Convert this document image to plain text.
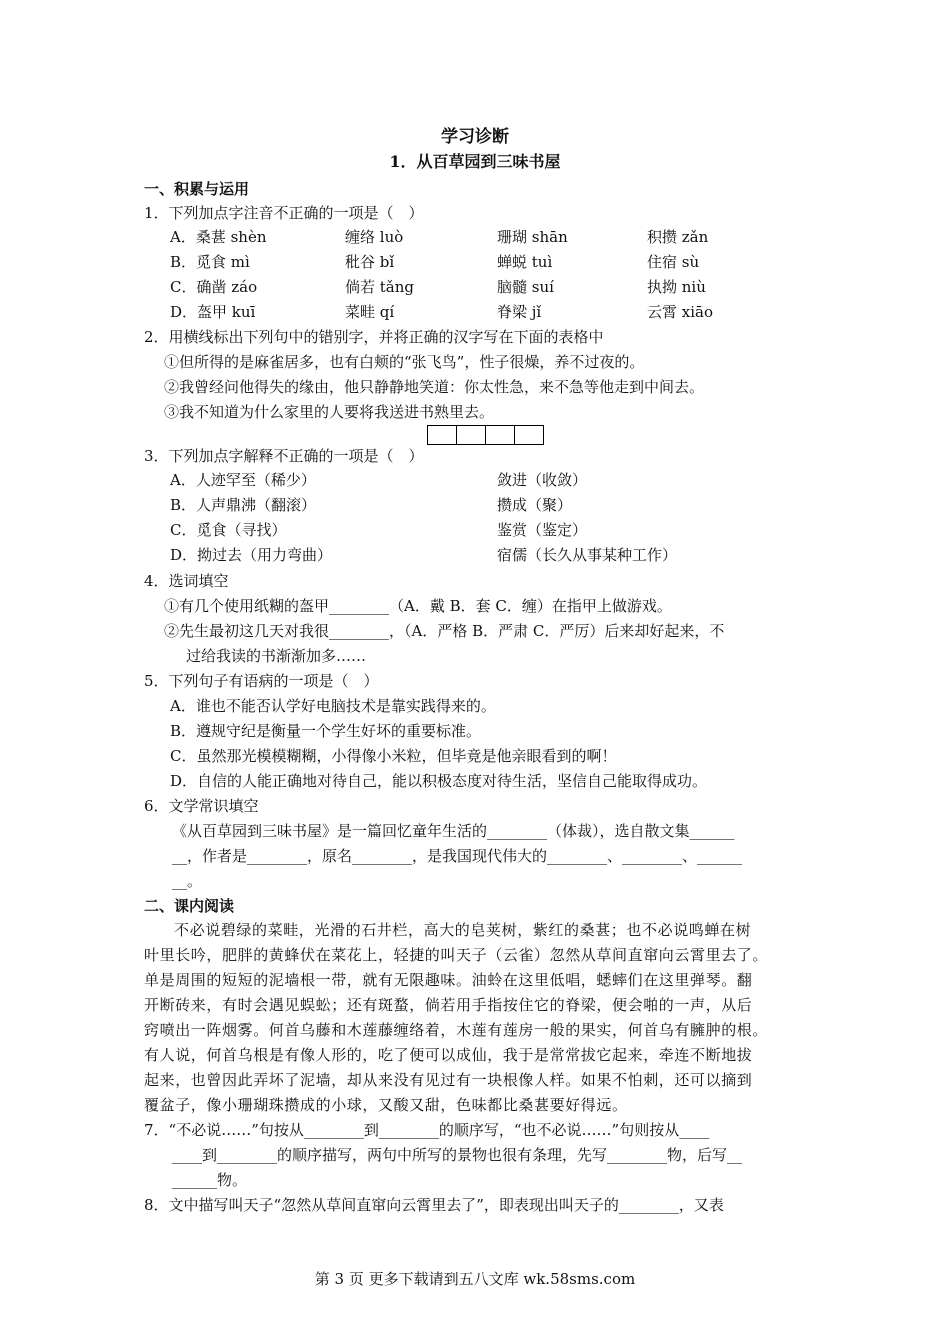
学习诊断
1．从百草园到三味书屋
一、积累与运用
1．下列加点字注音不正确的一项是（　）
A．桑葚 shèn	缠络 luò	珊瑚 shān	积攒 zǎn
B．觅食 mì	秕谷 bǐ	蝉蜕 tuì	住宿 sù
C．确凿 záo	倘若 tǎng	脑髓 suí	执拗 niù
D．盔甲 kuī	菜畦 qí	脊梁 jǐ	云霄 xiāo
2．用横线标出下列句中的错别字，并将正确的汉字写在下面的表格中
①但所得的是麻雀居多，也有白颊的“张飞鸟”，性子很燥，养不过夜的。
②我曾经问他得失的缘由，他只静静地笑道：你太性急，来不急等他走到中间去。
③我不知道为什么家里的人要将我送进书熟里去。
3．下列加点字解释不正确的一项是（　）
A．人迹罕至（稀少）	敛进（收敛）
B．人声鼎沸（翻滚）	攒成（聚）
C．觅食（寻找）	鉴赏（鉴定）
D．拗过去（用力弯曲）	宿儒（长久从事某种工作）
4．选词填空
①有几个使用纸糊的盔甲________（A．戴 B．套 C．缠）在指甲上做游戏。
②先生最初这几天对我很________，（A．严格 B．严肃 C．严厉）后来却好起来，不
过给我读的书渐渐加多……
5．下列句子有语病的一项是（　）
A．谁也不能否认学好电脑技术是靠实践得来的。
B．遵规守纪是衡量一个学生好坏的重要标准。
C．虽然那光模模糊糊，小得像小米粒，但毕竟是他亲眼看到的啊！
D．自信的人能正确地对待自己，能以积极态度对待生活，坚信自己能取得成功。
6．文学常识填空
《从百草园到三味书屋》是一篇回忆童年生活的________（体裁），选自散文集______
__，作者是________，原名________，是我国现代伟大的________、________、______
__。
二、课内阅读
不必说碧绿的菜畦，光滑的石井栏，高大的皂荚树，紫红的桑葚；也不必说鸣蝉在树
叶里长吟，肥胖的黄蜂伏在菜花上，轻捷的叫天子（云雀）忽然从草间直窜向云霄里去了。
单是周围的短短的泥墙根一带，就有无限趣味。油蛉在这里低唱，蟋蟀们在这里弹琴。翻
开断砖来，有时会遇见蜈蚣；还有斑蝥，倘若用手指按住它的脊梁，便会啪的一声，从后
窍喷出一阵烟雾。何首乌藤和木莲藤缠络着，木莲有莲房一般的果实，何首乌有臃肿的根。
有人说，何首乌根是有像人形的，吃了便可以成仙，我于是常常拔它起来，牵连不断地拔
起来，也曾因此弄坏了泥墙，却从来没有见过有一块根像人样。如果不怕刺，还可以摘到
覆盆子，像小珊瑚珠攒成的小球，又酸又甜，色味都比桑葚要好得远。
7．“不必说……”句按从________到________的顺序写，“也不必说……”句则按从____
____到________的顺序描写，两句中所写的景物也很有条理，先写________物，后写__
______物。
8．文中描写叫天子“忽然从草间直窜向云霄里去了”，即表现出叫天子的________，又表
第 3 页 更多下载请到五八文库 wk.58sms.com
